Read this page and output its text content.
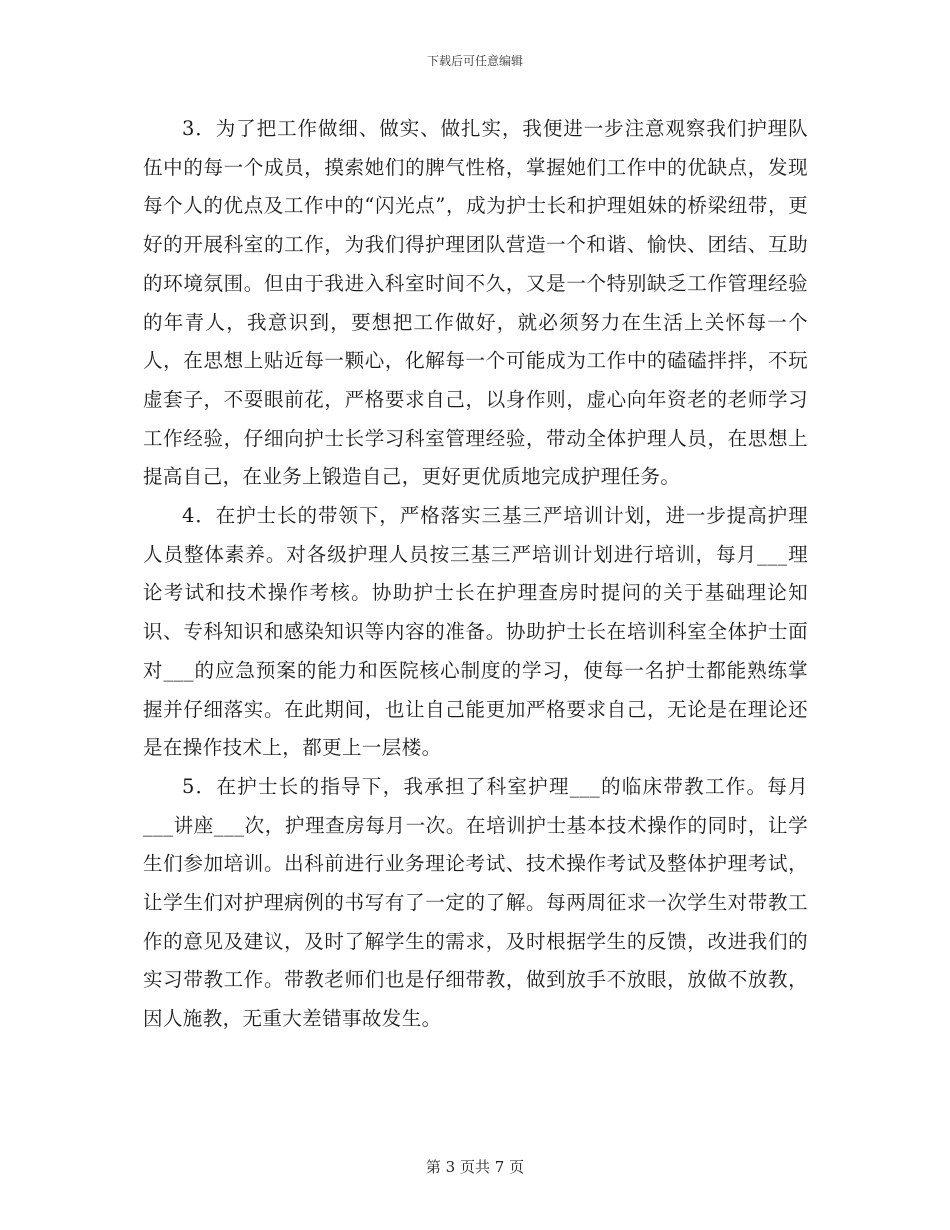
下载后可任意编辑

3．为了把工作做细、做实、做扎实，我便进一步注意观察我们护理队伍中的每一个成员，摸索她们的脾气性格，掌握她们工作中的优缺点，发现每个人的优点及工作中的“闪光点”，成为护士长和护理姐妹的桥梁纽带，更好的开展科室的工作，为我们得护理团队营造一个和谐、愉快、团结、互助的环境氛围。但由于我进入科室时间不久，又是一个特别缺乏工作管理经验的年青人，我意识到，要想把工作做好，就必须努力在生活上关怀每一个人，在思想上贴近每一颗心，化解每一个可能成为工作中的磕磕拌拌，不玩虚套子，不耍眼前花，严格要求自己，以身作则，虚心向年资老的老师学习工作经验，仔细向护士长学习科室管理经验，带动全体护理人员，在思想上提高自己，在业务上锻造自己，更好更优质地完成护理任务。

4．在护士长的带领下，严格落实三基三严培训计划，进一步提高护理人员整体素养。对各级护理人员按三基三严培训计划进行培训，每月___理论考试和技术操作考核。协助护士长在护理查房时提问的关于基础理论知识、专科知识和感染知识等内容的准备。协助护士长在培训科室全体护士面对___的应急预案的能力和医院核心制度的学习，使每一名护士都能熟练掌握并仔细落实。在此期间，也让自己能更加严格要求自己，无论是在理论还是在操作技术上，都更上一层楼。

5．在护士长的指导下，我承担了科室护理___的临床带教工作。每月___讲座___次，护理查房每月一次。在培训护士基本技术操作的同时，让学生们参加培训。出科前进行业务理论考试、技术操作考试及整体护理考试，让学生们对护理病例的书写有了一定的了解。每两周征求一次学生对带教工作的意见及建议，及时了解学生的需求，及时根据学生的反馈，改进我们的实习带教工作。带教老师们也是仔细带教，做到放手不放眼，放做不放教，因人施教，无重大差错事故发生。

第 3 页共 7 页
